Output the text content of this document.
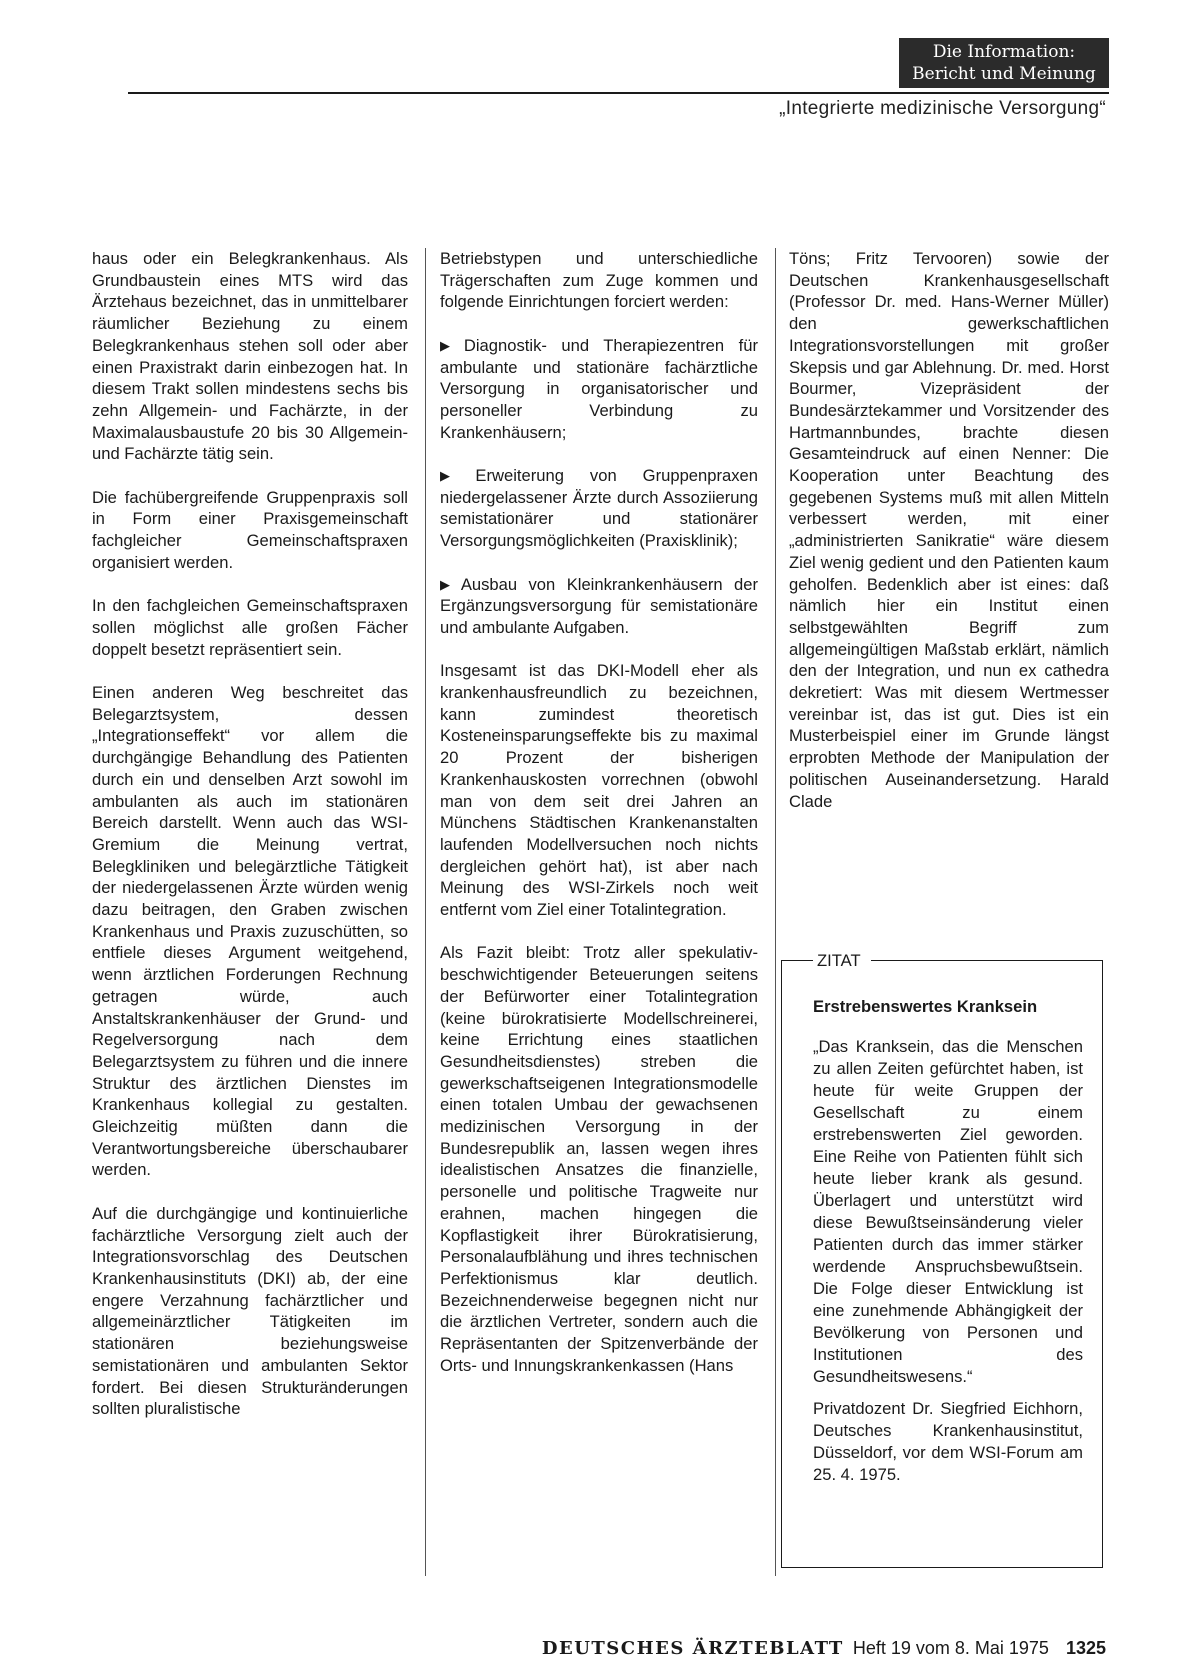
Die Information:
Bericht und Meinung
„Integrierte medizinische Versorgung“

haus oder ein Belegkrankenhaus. Als Grundbaustein eines MTS wird das Ärztehaus bezeichnet, das in unmittelbarer räumlicher Beziehung zu einem Belegkrankenhaus stehen soll oder aber einen Praxistrakt darin einbezogen hat. In diesem Trakt sollen mindestens sechs bis zehn Allgemein- und Fachärzte, in der Maximalausbaustufe 20 bis 30 Allgemein- und Fachärzte tätig sein.

Die fachübergreifende Gruppenpraxis soll in Form einer Praxisgemeinschaft fachgleicher Gemeinschaftspraxen organisiert werden.

In den fachgleichen Gemeinschaftspraxen sollen möglichst alle großen Fächer doppelt besetzt repräsentiert sein.

Einen anderen Weg beschreitet das Belegarztsystem, dessen „Integrationseffekt“ vor allem die durchgängige Behandlung des Patienten durch ein und denselben Arzt sowohl im ambulanten als auch im stationären Bereich darstellt. Wenn auch das WSI-Gremium die Meinung vertrat, Belegkliniken und belegärztliche Tätigkeit der niedergelassenen Ärzte würden wenig dazu beitragen, den Graben zwischen Krankenhaus und Praxis zuzuschütten, so entfiele dieses Argument weitgehend, wenn ärztlichen Forderungen Rechnung getragen würde, auch Anstaltskrankenhäuser der Grund- und Regelversorgung nach dem Belegarztsystem zu führen und die innere Struktur des ärztlichen Dienstes im Krankenhaus kollegial zu gestalten. Gleichzeitig müßten dann die Verantwortungsbereiche überschaubarer werden.

Auf die durchgängige und kontinuierliche fachärztliche Versorgung zielt auch der Integrationsvorschlag des Deutschen Krankenhausinstituts (DKI) ab, der eine engere Verzahnung fachärztlicher und allgemeinärztlicher Tätigkeiten im stationären beziehungsweise semistationären und ambulanten Sektor fordert. Bei diesen Strukturänderungen sollten pluralistische

Betriebstypen und unterschiedliche Trägerschaften zum Zuge kommen und folgende Einrichtungen forciert werden:

▶ Diagnostik- und Therapiezentren für ambulante und stationäre fachärztliche Versorgung in organisatorischer und personeller Verbindung zu Krankenhäusern;

▶ Erweiterung von Gruppenpraxen niedergelassener Ärzte durch Assoziierung semistationärer und stationärer Versorgungsmöglichkeiten (Praxisklinik);

▶ Ausbau von Kleinkrankenhäusern der Ergänzungsversorgung für semistationäre und ambulante Aufgaben.

Insgesamt ist das DKI-Modell eher als krankenhausfreundlich zu bezeichnen, kann zumindest theoretisch Kosteneinsparungseffekte bis zu maximal 20 Prozent der bisherigen Krankenhauskosten vorrechnen (obwohl man von dem seit drei Jahren an Münchens Städtischen Krankenanstalten laufenden Modellversuchen noch nichts dergleichen gehört hat), ist aber nach Meinung des WSI-Zirkels noch weit entfernt vom Ziel einer Totalintegration.

Als Fazit bleibt: Trotz aller spekulativ-beschwichtigender Beteuerungen seitens der Befürworter einer Totalintegration (keine bürokratisierte Modellschreinerei, keine Errichtung eines staatlichen Gesundheitsdienstes) streben die gewerkschaftseigenen Integrationsmodelle einen totalen Umbau der gewachsenen medizinischen Versorgung in der Bundesrepublik an, lassen wegen ihres idealistischen Ansatzes die finanzielle, personelle und politische Tragweite nur erahnen, machen hingegen die Kopflastigkeit ihrer Bürokratisierung, Personalaufblähung und ihres technischen Perfektionismus klar deutlich. Bezeichnenderweise begegnen nicht nur die ärztlichen Vertreter, sondern auch die Repräsentanten der Spitzenverbände der Orts- und Innungskrankenkassen (Hans

Töns; Fritz Tervooren) sowie der Deutschen Krankenhausgesellschaft (Professor Dr. med. Hans-Werner Müller) den gewerkschaftlichen Integrationsvorstellungen mit großer Skepsis und gar Ablehnung. Dr. med. Horst Bourmer, Vizepräsident der Bundesärztekammer und Vorsitzender des Hartmannbundes, brachte diesen Gesamteindruck auf einen Nenner: Die Kooperation unter Beachtung des gegebenen Systems muß mit allen Mitteln verbessert werden, mit einer „administrierten Sanikratie“ wäre diesem Ziel wenig gedient und den Patienten kaum geholfen. Bedenklich aber ist eines: daß nämlich hier ein Institut einen selbstgewählten Begriff zum allgemeingültigen Maßstab erklärt, nämlich den der Integration, und nun ex cathedra dekretiert: Was mit diesem Wertmesser vereinbar ist, das ist gut. Dies ist ein Musterbeispiel einer im Grunde längst erprobten Methode der Manipulation der politischen Auseinandersetzung. Harald Clade

ZITAT
Erstrebenswertes Kranksein

„Das Kranksein, das die Menschen zu allen Zeiten gefürchtet haben, ist heute für weite Gruppen der Gesellschaft zu einem erstrebenswerten Ziel geworden. Eine Reihe von Patienten fühlt sich heute lieber krank als gesund. Überlagert und unterstützt wird diese Bewußtseinsänderung vieler Patienten durch das immer stärker werdende Anspruchsbewußtsein. Die Folge dieser Entwicklung ist eine zunehmende Abhängigkeit der Bevölkerung von Personen und Institutionen des Gesundheitswesens.“

Privatdozent Dr. Siegfried Eichhorn, Deutsches Krankenhausinstitut, Düsseldorf, vor dem WSI-Forum am 25. 4. 1975.

DEUTSCHES ÄRZTEBLATT Heft 19 vom 8. Mai 1975 1325
